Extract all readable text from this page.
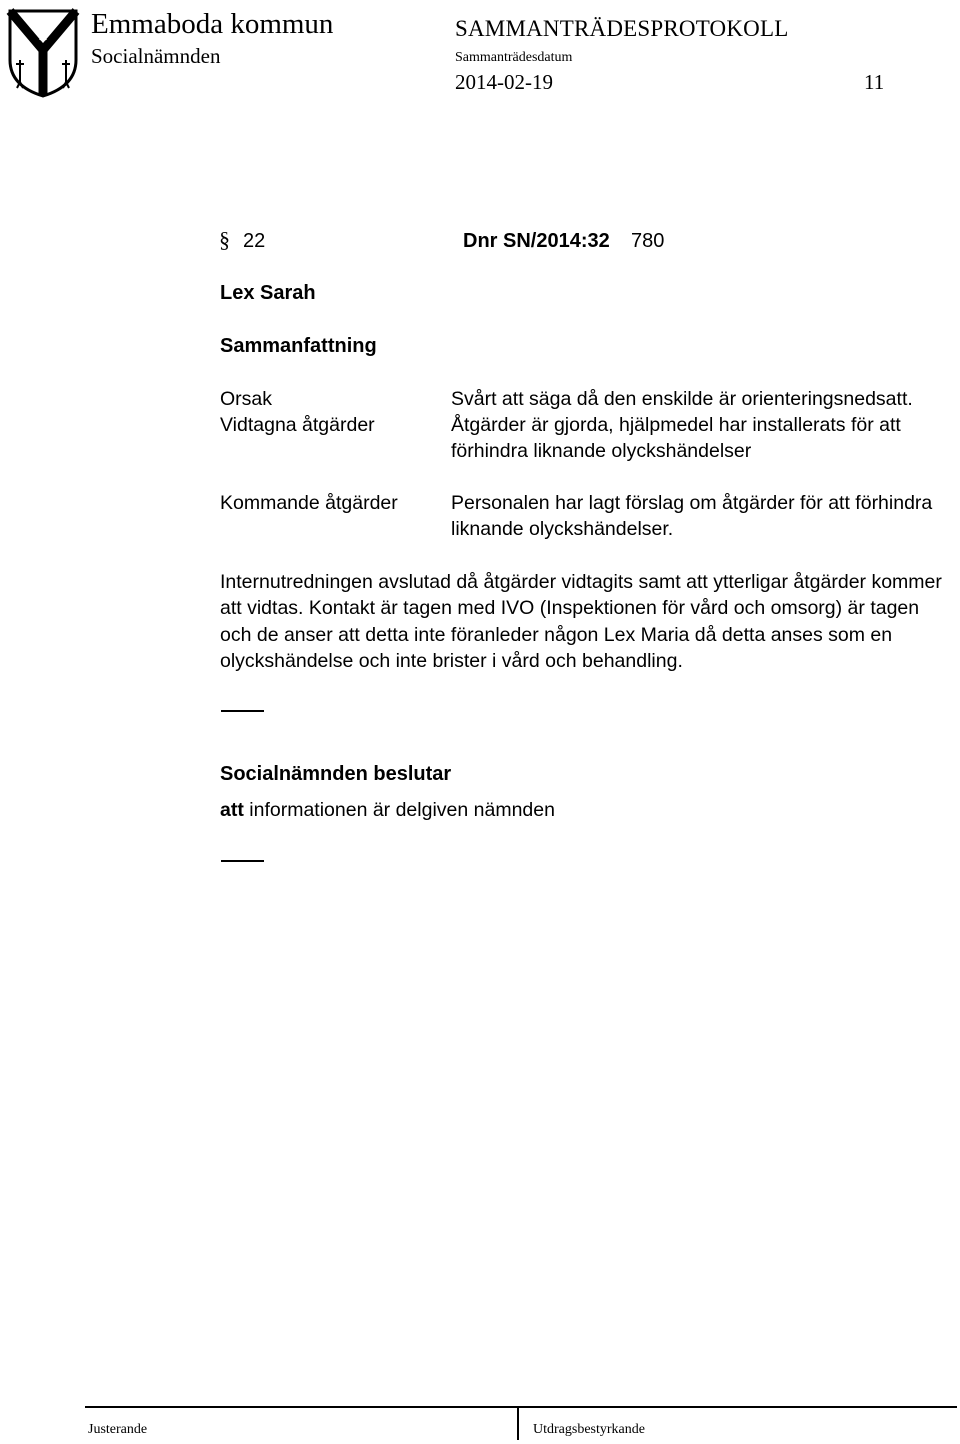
Emmaboda kommun
Socialnämnden
SAMMANTRÄDESPROTOKOLL
Sammanträdesdatum
2014-02-19	11
§ 22	Dnr SN/2014:32 780
Lex Sarah
Sammanfattning
Orsak	Svårt att säga då den enskilde är orienteringsnedsatt.
Vidtagna åtgärder	Åtgärder är gjorda, hjälpmedel har installerats för att
förhindra liknande olyckshändelser
Kommande åtgärder	Personalen har lagt förslag om åtgärder för att förhindra
liknande olyckshändelser.
Internutredningen avslutad då åtgärder vidtagits samt att ytterligar åtgärder kommer att vidtas. Kontakt är tagen med IVO (Inspektionen för vård och omsorg) är tagen och de anser att detta inte föranleder någon Lex Maria då detta anses som en olyckshändelse och inte brister i vård och behandling.
Socialnämnden beslutar
att informationen är delgiven nämnden
Justerande	Utdragsbestyrkande
